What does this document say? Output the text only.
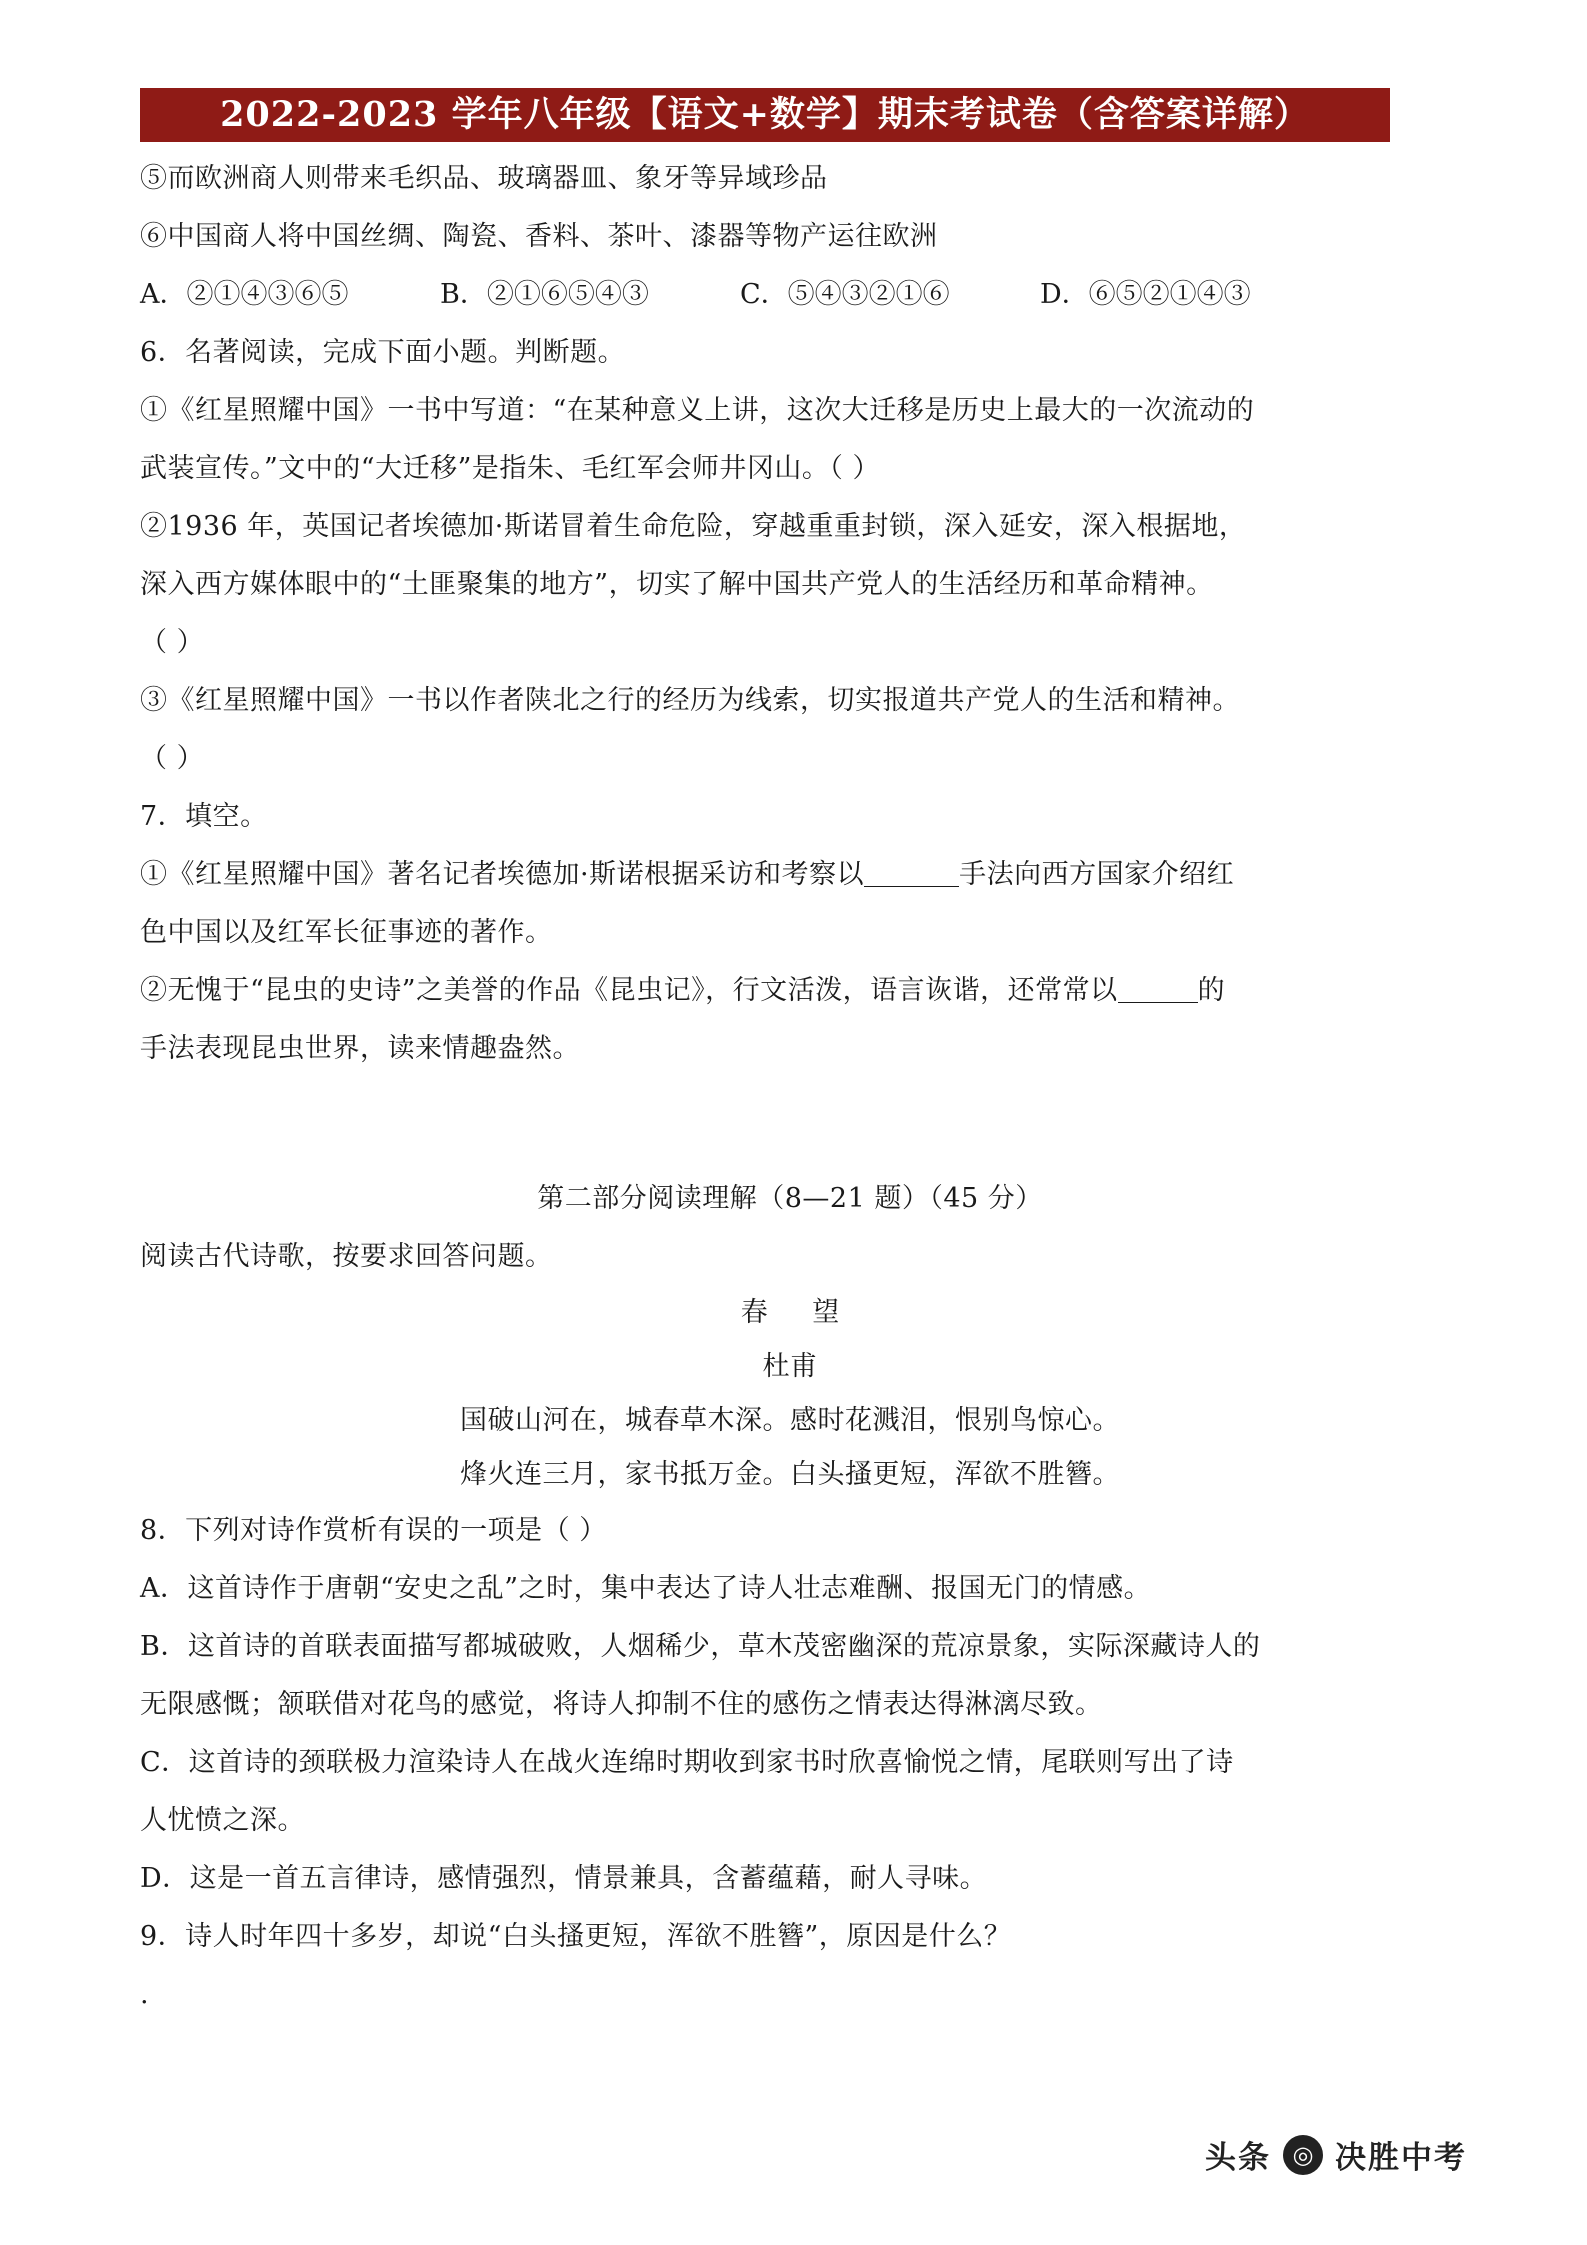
2022-2023 学年八年级【语文+数学】期末考试卷（含答案详解）

⑤而欧洲商人则带来毛织品、玻璃器皿、象牙等异域珍品

⑥中国商人将中国丝绸、陶瓷、香料、茶叶、漆器等物产运往欧洲

A．②①④③⑥⑤	B．②①⑥⑤④③	C．⑤④③②①⑥	D．⑥⑤②①④③

6．名著阅读，完成下面小题。判断题。

①《红星照耀中国》一书中写道：“在某种意义上讲，这次大迁移是历史上最大的一次流动的

武装宣传。”文中的“大迁移”是指朱、毛红军会师井冈山。（ ）

②1936 年，英国记者埃德加·斯诺冒着生命危险，穿越重重封锁，深入延安，深入根据地，

深入西方媒体眼中的“土匪聚集的地方”，切实了解中国共产党人的生活经历和革命精神。

（ ）

③《红星照耀中国》一书以作者陕北之行的经历为线索，切实报道共产党人的生活和精神。

（ ）

7．填空。

①《红星照耀中国》著名记者埃德加·斯诺根据采访和考察以	手法向西方国家介绍红

色中国以及红军长征事迹的著作。

②无愧于“昆虫的史诗”之美誉的作品《昆虫记》，行文活泼，语言诙谐，还常常以	的

手法表现昆虫世界，读来情趣盎然。

第二部分阅读理解（8—21 题）（45 分）

阅读古代诗歌，按要求回答问题。

春 望

杜甫

国破山河在，城春草木深。感时花溅泪，恨别鸟惊心。

烽火连三月，家书抵万金。白头搔更短，浑欲不胜簪。

8．下列对诗作赏析有误的一项是（ ）

A．这首诗作于唐朝“安史之乱”之时，集中表达了诗人壮志难酬、报国无门的情感。

B．这首诗的首联表面描写都城破败，人烟稀少，草木茂密幽深的荒凉景象，实际深藏诗人的

无限感慨；颔联借对花鸟的感觉，将诗人抑制不住的感伤之情表达得淋漓尽致。

C．这首诗的颈联极力渲染诗人在战火连绵时期收到家书时欣喜愉悦之情，尾联则写出了诗

人忧愤之深。

D．这是一首五言律诗，感情强烈，情景兼具，含蓄蕴藉，耐人寻味。

9．诗人时年四十多岁，却说“白头搔更短，浑欲不胜簪”，原因是什么？

.

头条 ◎ 决胜中考
